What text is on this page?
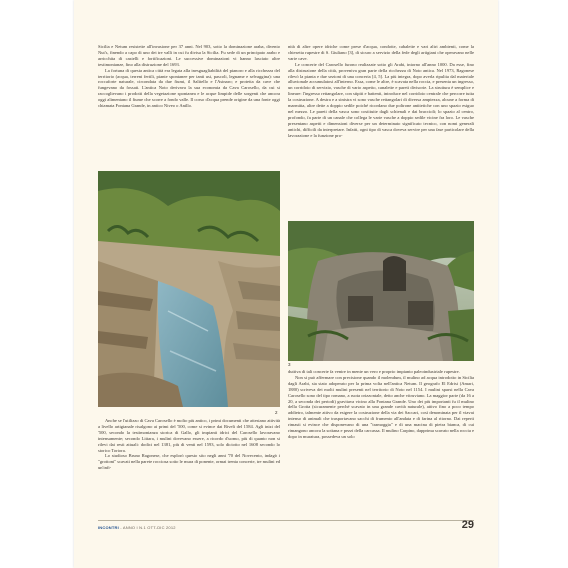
Sicilia e Netum resistette all'invasione per 37 anni. Nel 903, sotto la dominazione araba, divento Nut's, finendo a capo di uno dei tre valli in cui fu divisa la Sicilia. Fu sede di un principato arabo e arricchita di castelli e fortificazioni. Le successive dominazioni vi hanno lasciato altre testimonianze, fino alla distruzione del 1693.

La fortuna di questa antica città era legata alla inesguagliabilità del pianoro e alla ricchezza del territorio (acqua, terreni fertili, piante spontanee per tanti usi, pascoli, legname e selvaggina): una roccaforte naturale, circondata da due fiumi, il Salitello e l'Asinaro; e protetta da cave che fungevano da fossati. L'antica Noto derivava la sua economia da Cava Carosello, da cui si raccoglievano i prodotti della vegetazione spontanea e le acque limpide delle sorgenti che ancora oggi alimentano il fiume che scorre a fondo valle. Il corso d'acqua prende origine da una fonte oggi chiamata Fontana Grande, in antico Niveo o Anillo.

2

Anche se l'utilizzo di Cava Carosello è molto più antico, i primi documenti che attestano attività a livello artigianale risalgono ai primi del '500, come si evince dai Riveli del 1584. Agli inizi del '500, secondo la testimonianza storica di Gallo, gli impianti idrici del Carosello lavoravano intensamente; secondo Littara, i mulini dovevano essere, a ricordo d'uomo, più di quanto non si rilevi dai resti attuali: dodici nel 1381, più di venti nel 1593, solo diciotto nel 1608 secondo lo storico Tortora.

Lo studioso Bruno Ragonese, che esplorò questo sito negli anni '70 del Novecento, indagò i "grottoni" scavati nella parete rocciosa sotto le mura di ponente, ormai trenta concerie, tre mulini ed un'infi-

nità di altre opere idriche come prese d'acqua, condotte, cabalette e vari altri ambienti, come la chiesetta rupestre di S. Giuliano [3], di sicuro a servizio della fede degli artigiani che operavano nelle varie cave.

Le concerie del Carosello furono realizzate sotto gli Arabi, intorno all'anno 1000. Da esse, fino alla distruzione della città, proveniva gran parte della ricchezza di Noto antica. Nel 1973, Ragonese rilevò la pianta e due sezioni di una conceria [4, 5]. La più integra, dopo averla ripulita dal materiale alluvionale accumulatosi all'interno. Essa, come le altre, è scavata nella roccia, e presenta un ingresso, un corridoio di servizio, vasche di vario aspetto, canalette e pareti divisorie. La struttura è semplice e lineare: l'ingresso rettangolare, con stipiti e battenti, introduce nel corridoio centrale che percorre tutta la costruzione. A destra e a sinistra vi sono vasche rettangolari di diversa ampiezza, alcune a forma di marmitta, altre dette a doppio sedile poiché ricordano due poltrone antitetiche con uno spazio esiguo nel mezzo. Le pareti della vasca sono costituite dagli schienali e dai braccioli; lo spazio al centro, profondo, fa parte di un canale che collega le varie vasche a doppio sedile vicine fra loro. Le vasche presentano aspetti e dimensioni diverse per un determinato significato tecnico, con nomi generali antichi, difficili da interpretare. Infatti, ogni tipo di vasca doveva servire per una fase particolare della lavorazione e la funzione pro-

3

duttiva di tali concerie fa venire in mente un vero e proprio impianto paleoindustriale rupestre.

Non si può affermare con precisione quando il molendum, il mulino ad acqua introdotto in Sicilia dagli Arabi, sia stato adoperato per la prima volta nell'antica Netum. Il geografo El Edrisi (Amari, 1880) scriveva dei molti mulini presenti nel territorio di Noto nel 1154. I mulini sparsi nella Cava Carosello sono del tipo romano, a ruota orizzontale, detto anche vitruviano. La maggior parte (da 16 a 20, a seconda dei periodi) gravitava vicino alla Fontana Grande. Uno dei più importanti fu il mulino della Grotta (sicuramente perché scavato in una grande cavità naturale), attivo fino a poco tempo addietro, talmente attivo da esigere la costruzione della via dei Saccari, così denominata per il viavai intenso di animali che trasportavano sacchi di frumento all'andata e di farina al ritorno. Dai reperti rimasti si evince che disponevano di una "tramoggia" e di una macina di pietra bianca, di cui rimangono ancora la sottana e pezzi della carcassa. Il mulino Carpino, dapprima scavato nella roccia e dopo in muratura, possedeva un solo

INCONTRI - ANNO I N.1 OTT-DIC 2012	29
